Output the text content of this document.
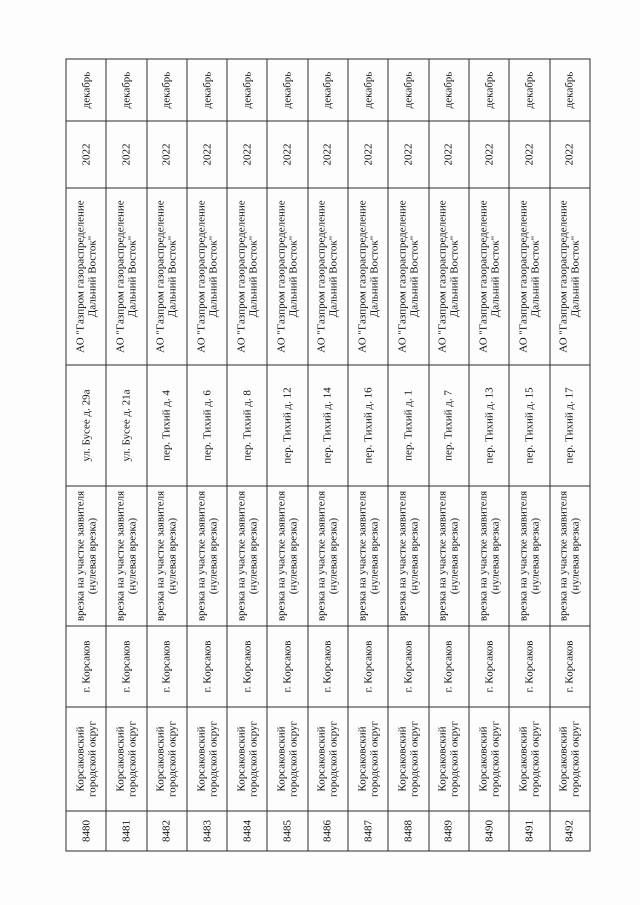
8480	Корсаковский городской округ	г. Корсаков	врезка на участке заявителя (нулевая врезка)	ул. Бусее д. 29а	АО "Газпром газораспределение Дальний Восток"	2022	декабрь
8481	Корсаковский городской округ	г. Корсаков	врезка на участке заявителя (нулевая врезка)	ул. Бусее д. 21а	АО "Газпром газораспределение Дальний Восток"	2022	декабрь
8482	Корсаковский городской округ	г. Корсаков	врезка на участке заявителя (нулевая врезка)	пер. Тихий д. 4	АО "Газпром газораспределение Дальний Восток"	2022	декабрь
8483	Корсаковский городской округ	г. Корсаков	врезка на участке заявителя (нулевая врезка)	пер. Тихий д. 6	АО "Газпром газораспределение Дальний Восток"	2022	декабрь
8484	Корсаковский городской округ	г. Корсаков	врезка на участке заявителя (нулевая врезка)	пер. Тихий д. 8	АО "Газпром газораспределение Дальний Восток"	2022	декабрь
8485	Корсаковский городской округ	г. Корсаков	врезка на участке заявителя (нулевая врезка)	пер. Тихий д. 12	АО "Газпром газораспределение Дальний Восток"	2022	декабрь
8486	Корсаковский городской округ	г. Корсаков	врезка на участке заявителя (нулевая врезка)	пер. Тихий д. 14	АО "Газпром газораспределение Дальний Восток"	2022	декабрь
8487	Корсаковский городской округ	г. Корсаков	врезка на участке заявителя (нулевая врезка)	пер. Тихий д. 16	АО "Газпром газораспределение Дальний Восток"	2022	декабрь
8488	Корсаковский городской округ	г. Корсаков	врезка на участке заявителя (нулевая врезка)	пер. Тихий д. 1	АО "Газпром газораспределение Дальний Восток"	2022	декабрь
8489	Корсаковский городской округ	г. Корсаков	врезка на участке заявителя (нулевая врезка)	пер. Тихий д. 7	АО "Газпром газораспределение Дальний Восток"	2022	декабрь
8490	Корсаковский городской округ	г. Корсаков	врезка на участке заявителя (нулевая врезка)	пер. Тихий д. 13	АО "Газпром газораспределение Дальний Восток"	2022	декабрь
8491	Корсаковский городской округ	г. Корсаков	врезка на участке заявителя (нулевая врезка)	пер. Тихий д. 15	АО "Газпром газораспределение Дальний Восток"	2022	декабрь
8492	Корсаковский городской округ	г. Корсаков	врезка на участке заявителя (нулевая врезка)	пер. Тихий д. 17	АО "Газпром газораспределение Дальний Восток"	2022	декабрь
